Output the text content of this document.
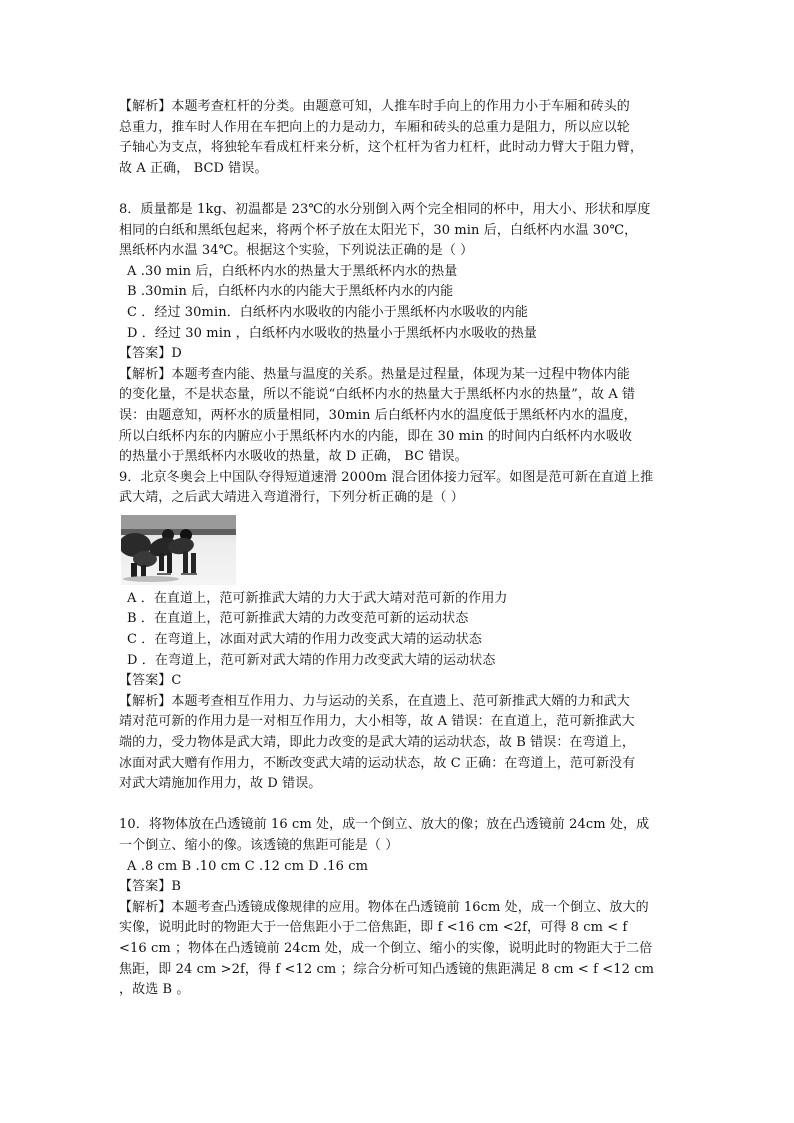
【解析】本题考查杠杆的分类。由题意可知，人推车时手向上的作用力小于车厢和砖头的
总重力，推车时人作用在车把向上的力是动力，车厢和砖头的总重力是阻力，所以应以轮
子轴心为支点，将独轮车看成杠杆来分析，这个杠杆为省力杠杆，此时动力臂大于阻力臂，
故 A 正确， BCD 错误。
8．质量都是 1kg、初温都是 23℃的水分别倒入两个完全相同的杯中，用大小、形状和厚度
相同的白纸和黑纸包起来，将两个杯子放在太阳光下，30 min 后，白纸杯内水温 30℃，
黑纸杯内水温 34℃。根据这个实验，下列说法正确的是（ ）
A .30 min 后，白纸杯内水的热量大于黑纸杯内水的热量
B .30min 后，白纸杯内水的内能大于黑纸杯内水的内能
C ．经过 30min．白纸杯内水吸收的内能小于黑纸杯内水吸收的内能
D ．经过 30 min ，白纸杯内水吸收的热量小于黑纸杯内水吸收的热量
【答案】D
【解析】本题考查内能、热量与温度的关系。热量是过程量，体现为某一过程中物体内能
的变化量，不是状态量，所以不能说“白纸杯内水的热量大于黑纸杯内水的热量”，故 A 错
误：由题意知，两杯水的质量相同，30min 后白纸杯内水的温度低于黑纸杯内水的温度，
所以白纸杯内东的内腑应小于黑纸杯内水的内能，即在 30 min 的时间内白纸杯内水吸收
的热量小于黑纸杯内水吸收的热量，故 D 正确， BC 错误。
9．北京冬奥会上中国队夺得短道速滑 2000m 混合团体接力冠军。如图是范可新在直道上推
武大靖，之后武大靖进入弯道滑行，下列分析正确的是（ ）
A ．在直道上，范可新推武大靖的力大于武大靖对范可新的作用力
B ．在直道上，范可新推武大靖的力改变范可新的运动状态
C ．在弯道上，冰面对武大靖的作用力改变武大靖的运动状态
D ．在弯道上，范可新对武大靖的作用力改变武大靖的运动状态
【答案】C
【解析】本题考查相互作用力、力与运动的关系，在直遗上、范可新推武大婿的力和武大
靖对范可新的作用力是一对相互作用力，大小相等，故 A 错误：在直道上，范可新推武大
端的力，受力物体是武大靖，即此力改变的是武大靖的运动状态，故 B 错误：在弯道上，
冰面对武大赠有作用力，不断改变武大靖的运动状态，故 C 正确：在弯道上，范可新没有
对武大靖施加作用力，故 D 错误。
10．将物体放在凸透镜前 16 cm 处，成一个倒立、放大的像；放在凸透镜前 24cm 处，成
一个倒立、缩小的像。该透镜的焦距可能是（ ）
A .8 cm B .10 cm C .12 cm D .16 cm
【答案】B
【解析】本题考查凸透镜成像规律的应用。物体在凸透镜前 16cm 处，成一个倒立、放大的
实像，说明此时的物距大于一倍焦距小于二倍焦距，即 f <16 cm <2f，可得 8 cm < f
<16 cm ；物体在凸透镜前 24cm 处，成一个倒立、缩小的实像，说明此时的物距大于二倍
焦距，即 24 cm >2f，得 f <12 cm ；综合分析可知凸透镜的焦距满足 8 cm < f <12 cm
，故选 B 。
